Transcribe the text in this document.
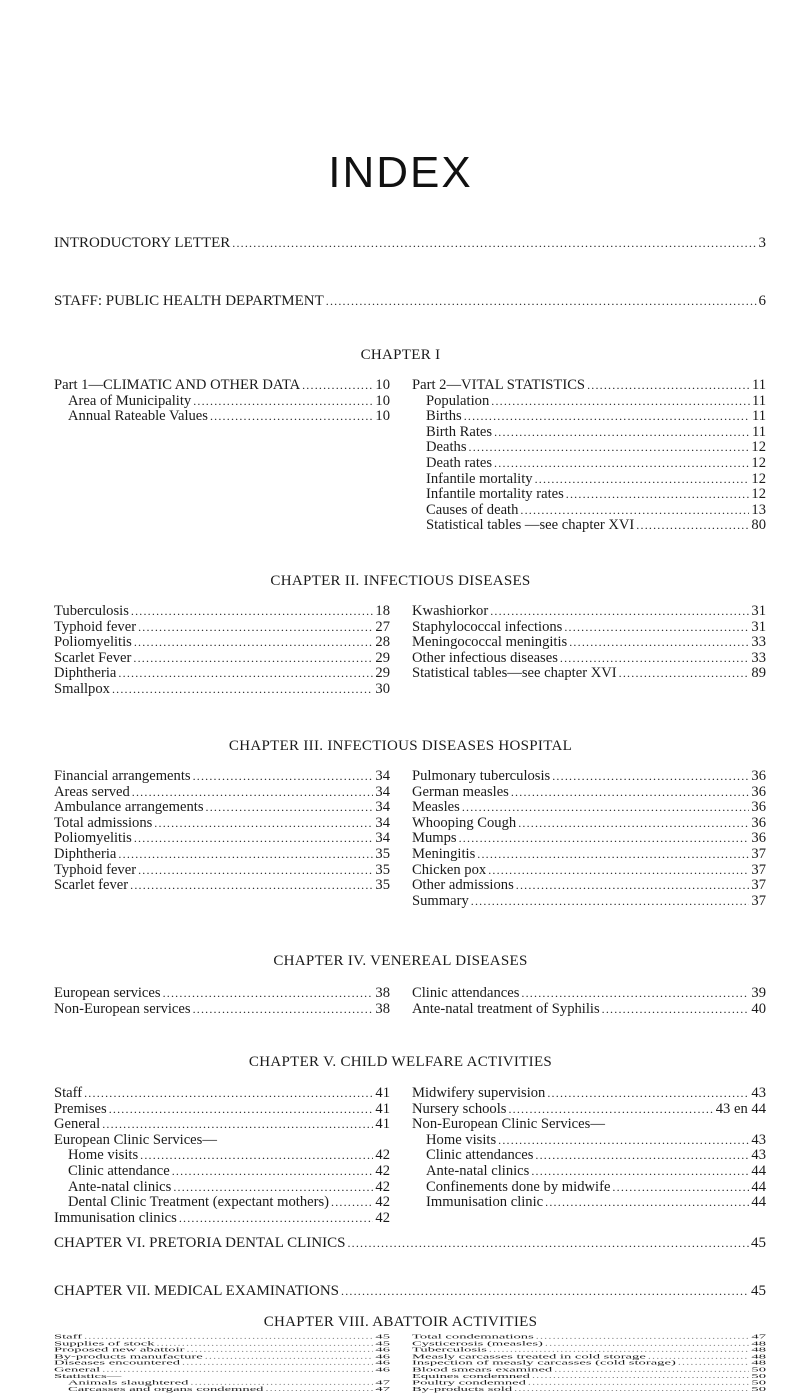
INDEX
INTRODUCTORY LETTER .....	3
STAFF: PUBLIC HEALTH DEPARTMENT .....	6
CHAPTER I
Part 1—CLIMATIC AND OTHER DATA .....	10
Area of Municipality .....	10
Annual Rateable Values .....	10
Part 2—VITAL STATISTICS .....	11
Population .....	11
Births .....	11
Birth Rates .....	11
Deaths .....	12
Death rates .....	12
Infantile mortality .....	12
Infantile mortality rates .....	12
Causes of death .....	13
Statistical tables —see chapter XVI .....	80
CHAPTER II. INFECTIOUS DISEASES
Tuberculosis .....	18
Typhoid fever .....	27
Poliomyelitis .....	28
Scarlet Fever .....	29
Diphtheria .....	29
Smallpox .....	30
Kwashiorkor .....	31
Staphylococcal infections .....	31
Meningococcal meningitis .....	33
Other infectious diseases .....	33
Statistical tables—see chapter XVI .....	89
CHAPTER III. INFECTIOUS DISEASES HOSPITAL
Financial arrangements .....	34
Areas served .....	34
Ambulance arrangements .....	34
Total admissions .....	34
Poliomyelitis .....	34
Diphtheria .....	35
Typhoid fever .....	35
Scarlet fever .....	35
Pulmonary tuberculosis .....	36
German measles .....	36
Measles .....	36
Whooping Cough .....	36
Mumps .....	36
Meningitis .....	37
Chicken pox .....	37
Other admissions .....	37
Summary .....	37
CHAPTER IV. VENEREAL DISEASES
European services .....	38
Non-European services .....	38
Clinic attendances .....	39
Ante-natal treatment of Syphilis .....	40
CHAPTER V. CHILD WELFARE ACTIVITIES
Staff .....	41
Premises .....	41
General .....	41
European Clinic Services—
Home visits .....	42
Clinic attendance .....	42
Ante-natal clinics .....	42
Dental Clinic Treatment (expectant mothers) .....	42
Immunisation clinics .....	42
Midwifery supervision .....	43
Nursery schools .....	43 en 44
Non-European Clinic Services—
Home visits .....	43
Clinic attendances .....	43
Ante-natal clinics .....	44
Confinements done by midwife .....	44
Immunisation clinic .....	44
CHAPTER VI. PRETORIA DENTAL CLINICS .....	45
CHAPTER VII. MEDICAL EXAMINATIONS .....	45
CHAPTER VIII. ABATTOIR ACTIVITIES
Staff .....	45
Supplies of stock .....	45
Proposed new abattoir .....	46
By-products manufacture .....	46
Diseases encountered .....	46
General .....	46
Statistics—
Animals slaughtered .....	47
Carcasses and organs condemned .....	47
Total condemnations .....	47
Cysticerosis (measles) .....	48
Tuberculosis .....	48
Measly carcasses treated in cold storage .....	48
Inspection of measly carcasses (cold storage) .....	48
Blood smears examined .....	50
Equines condemned .....	50
Poultry condemned .....	50
By-products sold .....	50
